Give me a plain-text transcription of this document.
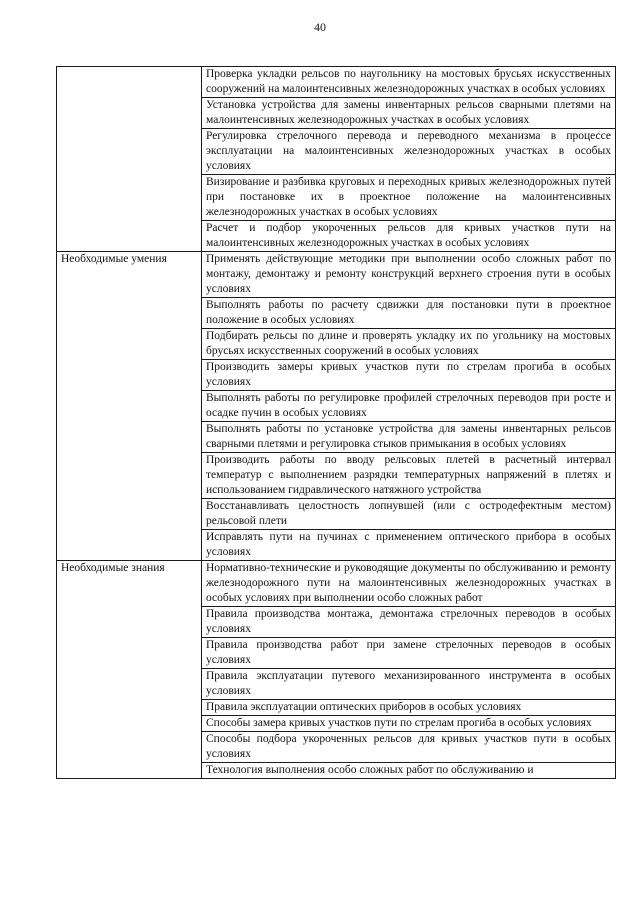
40
	Проверка укладки рельсов по наугольнику на мостовых брусьях искусственных сооружений на малоинтенсивных железнодорожных участках в особых условиях
	Установка устройства для замены инвентарных рельсов сварными плетями на малоинтенсивных железнодорожных участках в особых условиях
	Регулировка стрелочного перевода и переводного механизма в процессе эксплуатации на малоинтенсивных железнодорожных участках в особых условиях
	Визирование и разбивка круговых и переходных кривых железнодорожных путей при постановке их в проектное положение на малоинтенсивных железнодорожных участках в особых условиях
	Расчет и подбор укороченных рельсов для кривых участков пути на малоинтенсивных железнодорожных участках в особых условиях
Необходимые умения	Применять действующие методики при выполнении особо сложных работ по монтажу, демонтажу и ремонту конструкций верхнего строения пути в особых условиях
	Выполнять работы по расчету сдвижки для постановки пути в проектное положение в особых условиях
	Подбирать рельсы по длине и проверять укладку их по угольнику на мостовых брусьях искусственных сооружений в особых условиях
	Производить замеры кривых участков пути по стрелам прогиба в особых условиях
	Выполнять работы по регулировке профилей стрелочных переводов при росте и осадке пучин в особых условиях
	Выполнять работы по установке устройства для замены инвентарных рельсов сварными плетями и регулировка стыков примыкания в особых условиях
	Производить работы по вводу рельсовых плетей в расчетный интервал температур с выполнением разрядки температурных напряжений в плетях и использованием гидравлического натяжного устройства
	Восстанавливать целостность лопнувшей (или с остродефектным местом) рельсовой плети
	Исправлять пути на пучинах с применением оптического прибора в особых условиях
Необходимые знания	Нормативно-технические и руководящие документы по обслуживанию и ремонту железнодорожного пути на малоинтенсивных железнодорожных участках в особых условиях при выполнении особо сложных работ
	Правила производства монтажа, демонтажа стрелочных переводов в особых условиях
	Правила производства работ при замене стрелочных переводов в особых условиях
	Правила эксплуатации путевого механизированного инструмента в особых условиях
	Правила эксплуатации оптических приборов в особых условиях
	Способы замера кривых участков пути по стрелам прогиба в особых условиях
	Способы подбора укороченных рельсов для кривых участков пути в особых условиях
	Технология выполнения особо сложных работ по обслуживанию и
